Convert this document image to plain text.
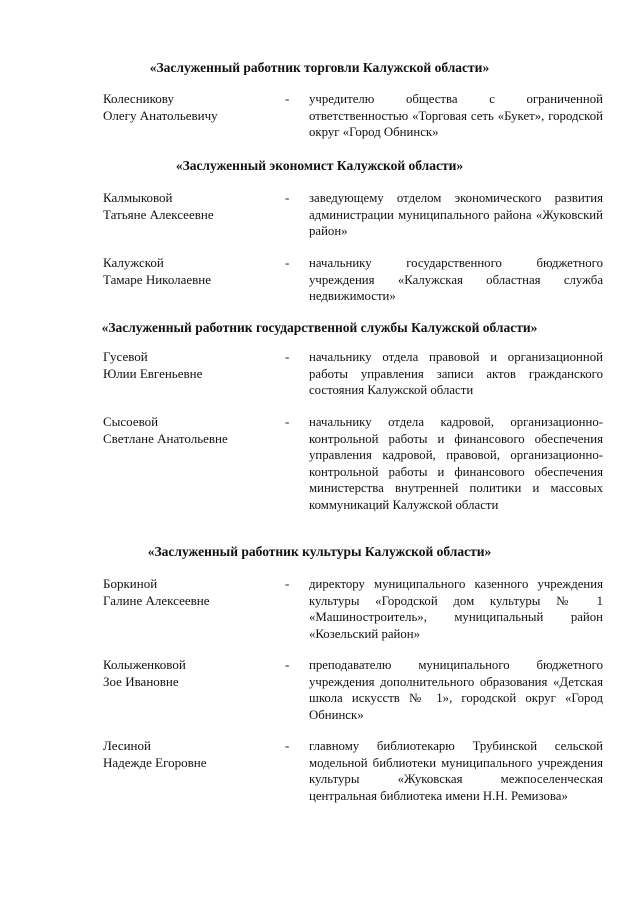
«Заслуженный работник торговли Калужской области»
Колесникову
Олегу Анатольевичу
- учредителю общества с ограниченной ответственностью «Торговая сеть «Букет», городской округ «Город Обнинск»
«Заслуженный экономист Калужской области»
Калмыковой
Татьяне Алексеевне
- заведующему отделом экономического развития администрации муниципального района «Жуковский район»
Калужской
Тамаре Николаевне
- начальнику государственного бюджетного учреждения «Калужская областная служба недвижимости»
«Заслуженный работник государственной службы Калужской области»
Гусевой
Юлии Евгеньевне
- начальнику отдела правовой и организационной работы управления записи актов гражданского состояния Калужской области
Сысоевой
Светлане Анатольевне
- начальнику отдела кадровой, организационно-контрольной работы и финансового обеспечения управления кадровой, правовой, организационно-контрольной работы и финансового обеспечения министерства внутренней политики и массовых коммуникаций Калужской области
«Заслуженный работник культуры Калужской области»
Боркиной
Галине Алексеевне
- директору муниципального казенного учреждения культуры «Городской дом культуры № 1 «Машиностроитель», муниципальный район «Козельский район»
Колыженковой
Зое Ивановне
- преподавателю муниципального бюджетного учреждения дополнительного образования «Детская школа искусств № 1», городской округ «Город Обнинск»
Лесиной
Надежде Егоровне
- главному библиотекарю Трубинской сельской модельной библиотеки муниципального учреждения культуры «Жуковская межпоселенческая центральная библиотека имени Н.Н. Ремизова»
